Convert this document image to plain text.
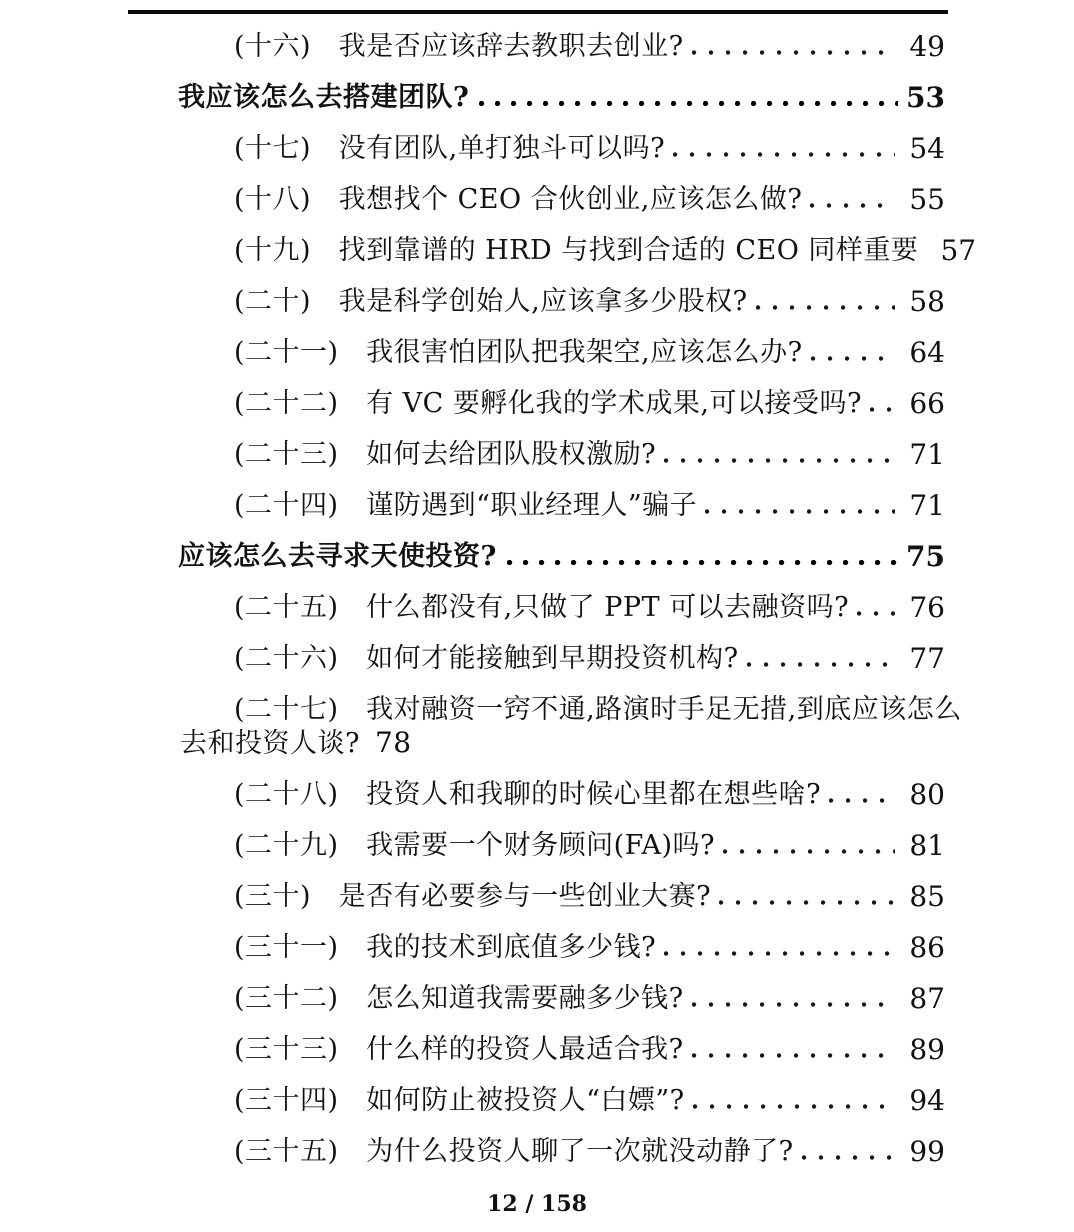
(十六)　我是否应该辞去教职去创业?	49
我应该怎么去搭建团队?	53
(十七)　没有团队,单打独斗可以吗?	54
(十八)　我想找个 CEO 合伙创业,应该怎么做?	55
(十九)　找到靠谱的 HRD 与找到合适的 CEO 同样重要 57
(二十)　我是科学创始人,应该拿多少股权?	58
(二十一)　我很害怕团队把我架空,应该怎么办?	64
(二十二)　有 VC 要孵化我的学术成果,可以接受吗? 66
(二十三)　如何去给团队股权激励?	71
(二十四)　谨防遇到“职业经理人”骗子	71
应该怎么去寻求天使投资?	75
(二十五)　什么都没有,只做了 PPT 可以去融资吗? 76
(二十六)　如何才能接触到早期投资机构?	77
(二十七)　我对融资一窍不通,路演时手足无措,到底应该怎么
去和投资人谈? 78
(二十八)　投资人和我聊的时候心里都在想些啥?	80
(二十九)　我需要一个财务顾问(FA)吗?	81
(三十)　是否有必要参与一些创业大赛?	85
(三十一)　我的技术到底值多少钱?	86
(三十二)　怎么知道我需要融多少钱?	87
(三十三)　什么样的投资人最适合我?	89
(三十四)　如何防止被投资人“白嫖”?	94
(三十五)　为什么投资人聊了一次就没动静了?	99
12 / 158
